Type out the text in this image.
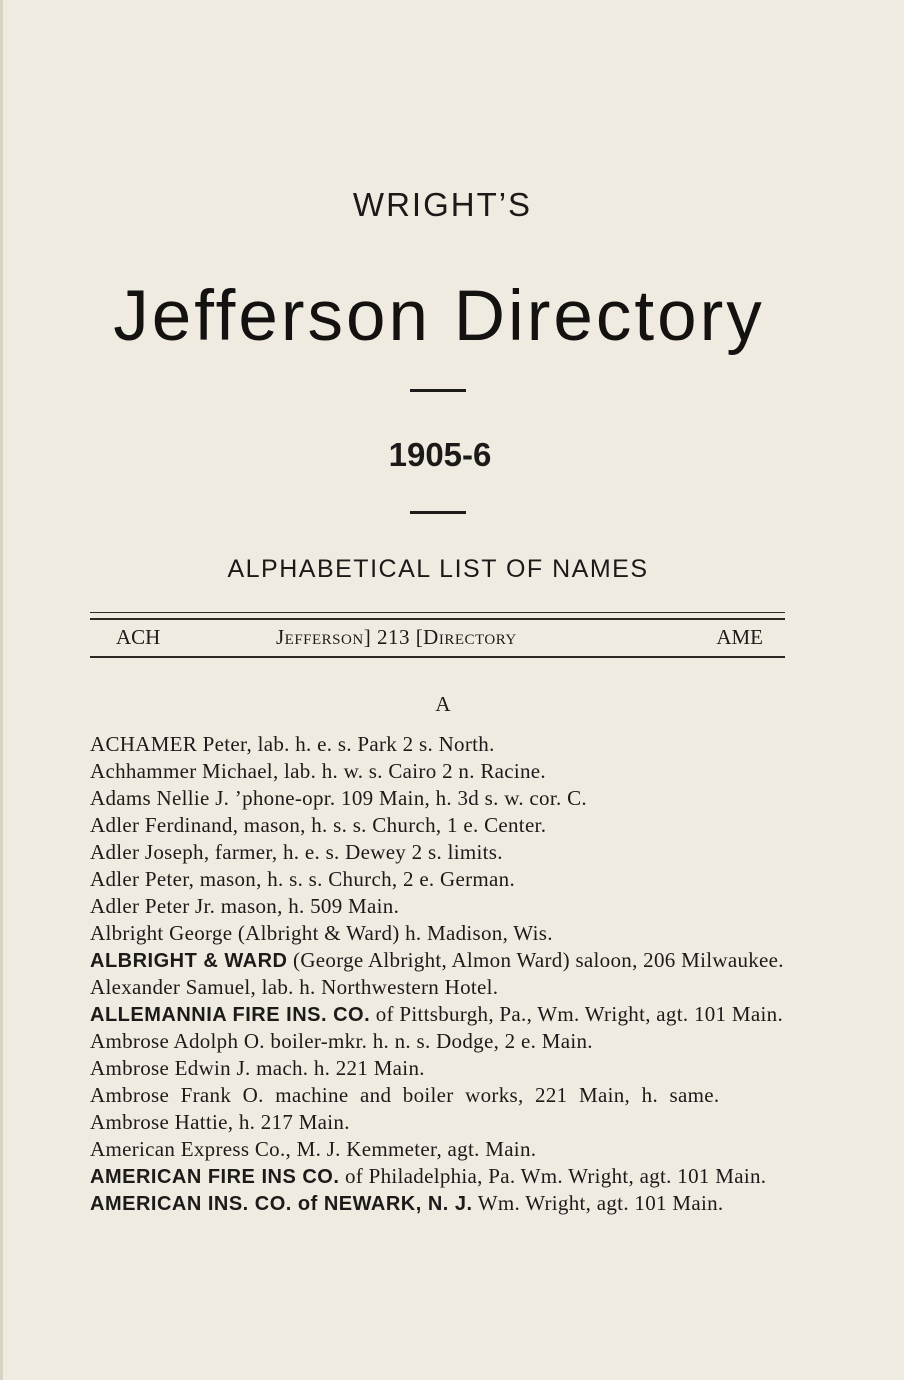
WRIGHT’S
Jefferson Directory
1905-6
ALPHABETICAL LIST OF NAMES
ACH	Jefferson] 213 [Directory	AME
A
ACHAMER Peter, lab. h. e. s. Park 2 s. North.
Achhammer Michael, lab. h. w. s. Cairo 2 n. Racine.
Adams Nellie J. ’phone-opr. 109 Main, h. 3d s. w. cor. C.
Adler Ferdinand, mason, h. s. s. Church, 1 e. Center.
Adler Joseph, farmer, h. e. s. Dewey 2 s. limits.
Adler Peter, mason, h. s. s. Church, 2 e. German.
Adler Peter Jr. mason, h. 509 Main.
Albright George (Albright & Ward) h. Madison, Wis.
ALBRIGHT & WARD (George Albright, Almon Ward) saloon, 206 Milwaukee.
Alexander Samuel, lab. h. Northwestern Hotel.
ALLEMANNIA FIRE INS. CO. of Pittsburgh, Pa., Wm. Wright, agt. 101 Main.
Ambrose Adolph O. boiler-mkr. h. n. s. Dodge, 2 e. Main.
Ambrose Edwin J. mach. h. 221 Main.
Ambrose Frank O. machine and boiler works, 221 Main, h. same.
Ambrose Hattie, h. 217 Main.
American Express Co., M. J. Kemmeter, agt. Main.
AMERICAN FIRE INS CO. of Philadelphia, Pa. Wm. Wright, agt. 101 Main.
AMERICAN INS. CO. of NEWARK, N. J. Wm. Wright, agt. 101 Main.
